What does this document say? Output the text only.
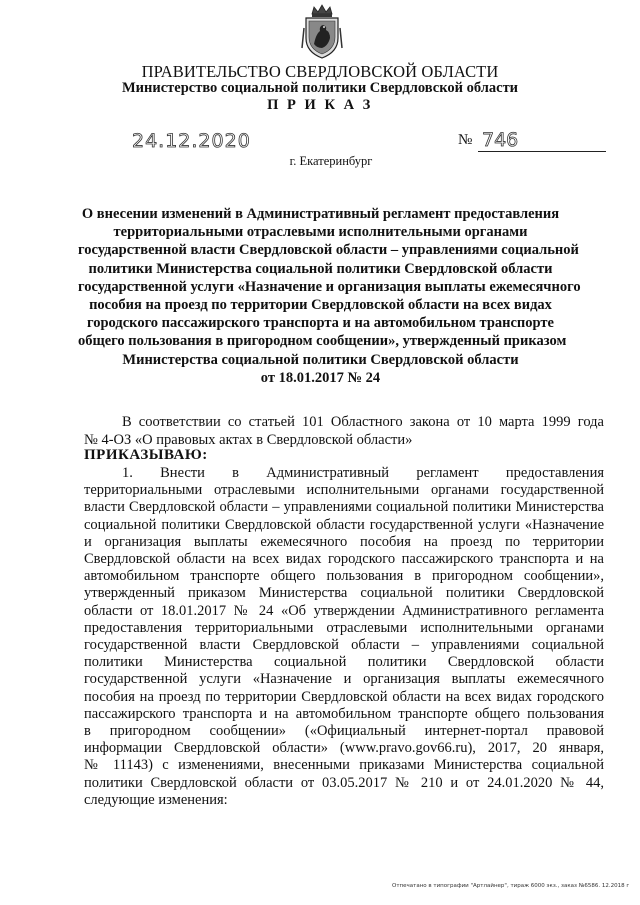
ПРАВИТЕЛЬСТВО СВЕРДЛОВСКОЙ ОБЛАСТИ
Министерство социальной политики Свердловской области
П Р И К А З
24.12.2020	№ 746
г. Екатеринбург

О внесении изменений в Административный регламент предоставления

территориальными отраслевыми исполнительными органами

государственной власти Свердловской области – управлениями социальной

политики Министерства социальной политики Свердловской области

государственной услуги «Назначение и организация выплаты ежемесячного

пособия на проезд по территории Свердловской области на всех видах

городского пассажирского транспорта и на автомобильном транспорте

общего пользования в пригородном сообщении», утвержденный приказом

Министерства социальной политики Свердловской области

от 18.01.2017 № 24

В соответствии со статьей 101 Областного закона от 10 марта 1999 года

№ 4-ОЗ «О правовых актах в Свердловской области»

ПРИКАЗЫВАЮ:

1. Внести в Административный регламент предоставления

территориальными отраслевыми исполнительными органами государственной

власти Свердловской области – управлениями социальной политики Министерства

социальной политики Свердловской области государственной услуги «Назначение

и организация выплаты ежемесячного пособия на проезд по территории

Свердловской области на всех видах городского пассажирского транспорта и на

автомобильном транспорте общего пользования в пригородном сообщении»,

утвержденный приказом Министерства социальной политики Свердловской

области от 18.01.2017 № 24 «Об утверждении Административного регламента

предоставления территориальными отраслевыми исполнительными органами

государственной власти Свердловской области – управлениями социальной

политики Министерства социальной политики Свердловской области

государственной услуги «Назначение и организация выплаты ежемесячного

пособия на проезд по территории Свердловской области на всех видах городского

пассажирского транспорта и на автомобильном транспорте общего пользования

в пригородном сообщении» («Официальный интернет-портал правовой

информации Свердловской области» (www.pravo.gov66.ru), 2017, 20 января,

№ 11143) с изменениями, внесенными приказами Министерства социальной

политики Свердловской области от 03.05.2017 № 210 и от 24.01.2020 № 44,

следующие изменения:

Отпечатано в типографии "Артлайнер", тираж 6000 экз., заказ №6586. 12.2018 г
